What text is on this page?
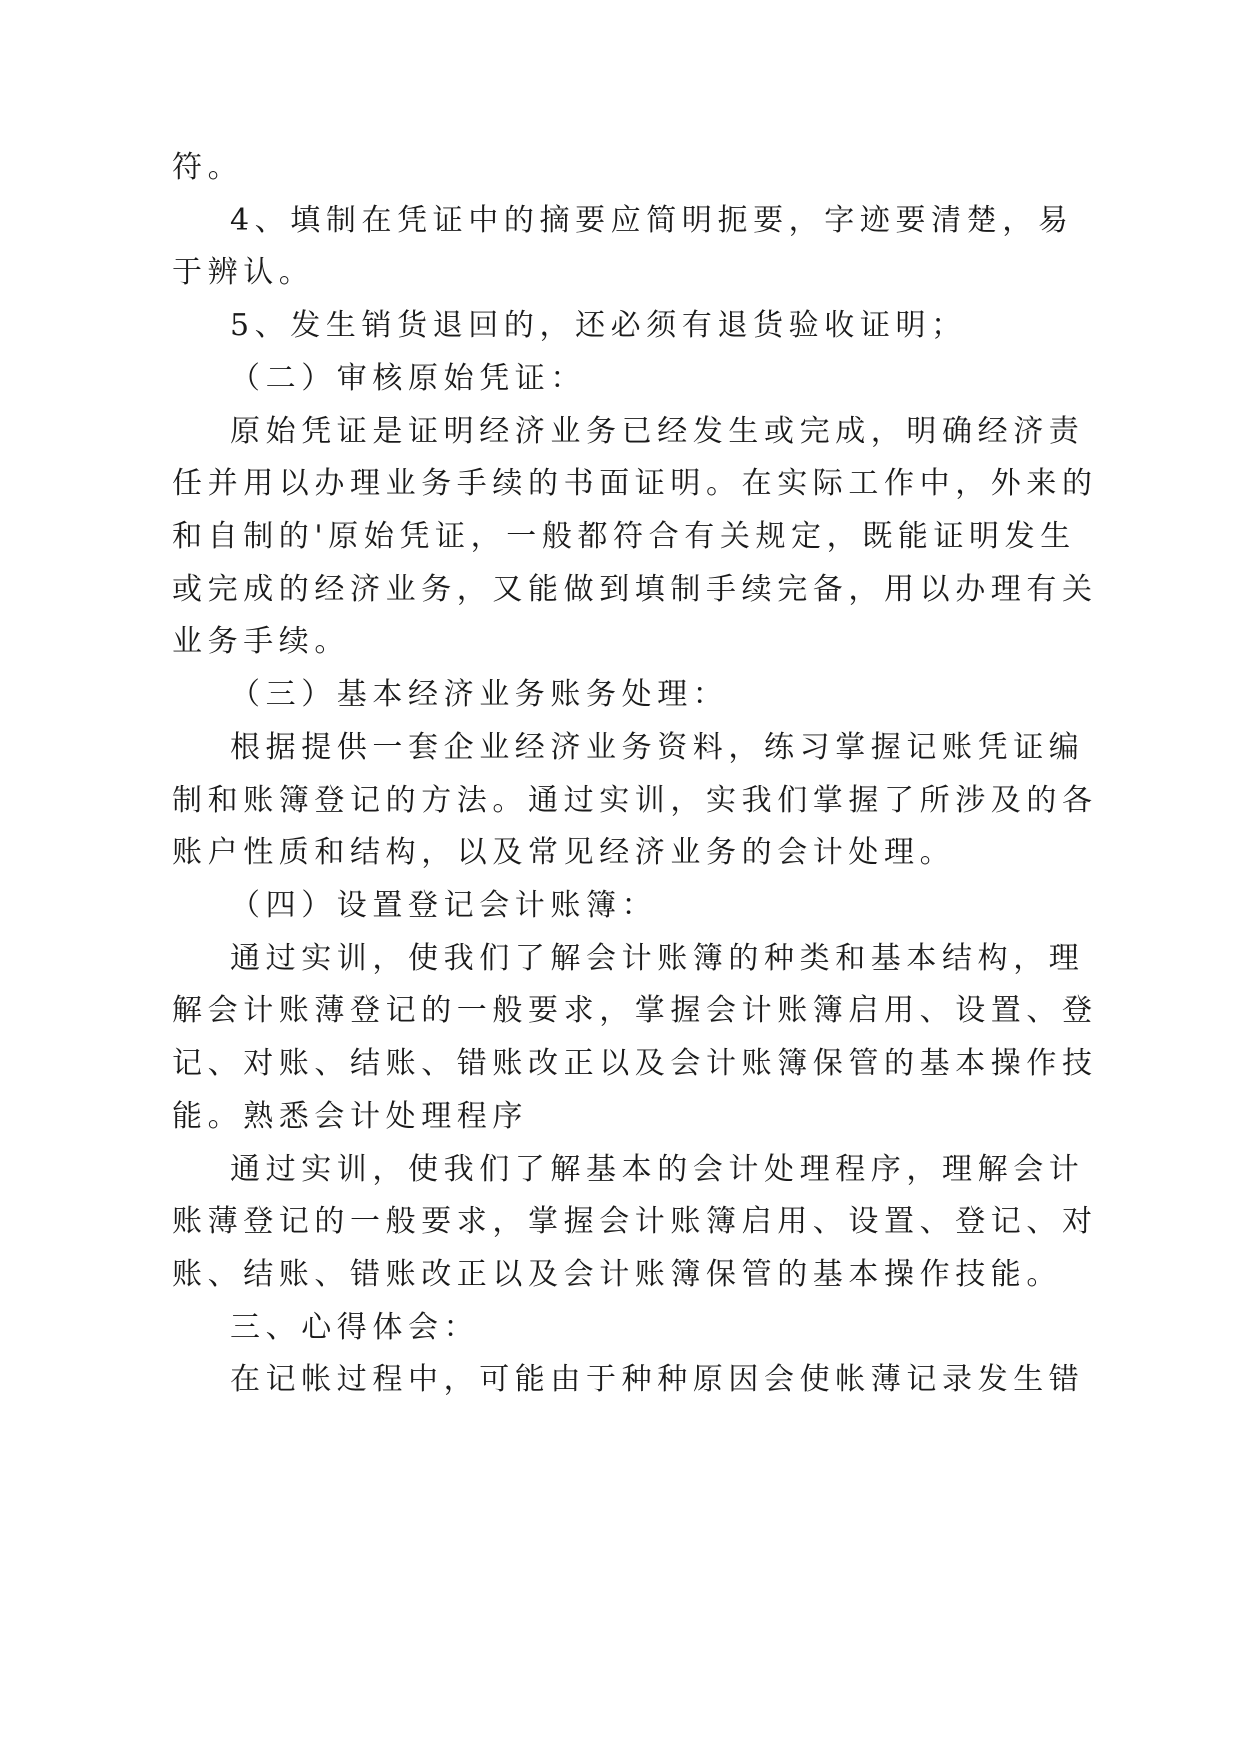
符。

4、填制在凭证中的摘要应简明扼要，字迹要清楚，易

于辨认。

5、发生销货退回的，还必须有退货验收证明；

（二）审核原始凭证：

原始凭证是证明经济业务已经发生或完成，明确经济责

任并用以办理业务手续的书面证明。在实际工作中，外来的

和自制的'原始凭证，一般都符合有关规定，既能证明发生

或完成的经济业务，又能做到填制手续完备，用以办理有关

业务手续。

（三）基本经济业务账务处理：

根据提供一套企业经济业务资料，练习掌握记账凭证编

制和账簿登记的方法。通过实训，实我们掌握了所涉及的各

账户性质和结构，以及常见经济业务的会计处理。

（四）设置登记会计账簿：

通过实训，使我们了解会计账簿的种类和基本结构，理

解会计账薄登记的一般要求，掌握会计账簿启用、设置、登

记、对账、结账、错账改正以及会计账簿保管的基本操作技

能。熟悉会计处理程序

通过实训，使我们了解基本的会计处理程序，理解会计

账薄登记的一般要求，掌握会计账簿启用、设置、登记、对

账、结账、错账改正以及会计账簿保管的基本操作技能。

三、心得体会：

在记帐过程中，可能由于种种原因会使帐薄记录发生错
